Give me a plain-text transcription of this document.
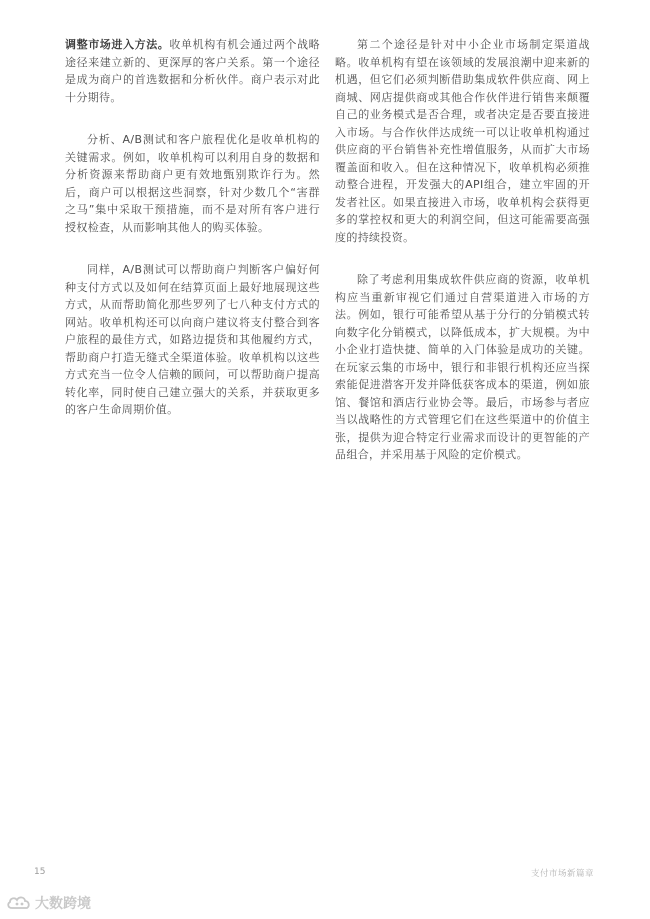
调整市场进入方法。收单机构有机会通过两个战略途径来建立新的、更深厚的客户关系。第一个途径是成为商户的首选数据和分析伙伴。商户表示对此十分期待。

分析、A/B测试和客户旅程优化是收单机构的关键需求。例如，收单机构可以利用自身的数据和分析资源来帮助商户更有效地甄别欺诈行为。然后，商户可以根据这些洞察，针对少数几个“害群之马”集中采取干预措施，而不是对所有客户进行授权检查，从而影响其他人的购买体验。

同样，A/B测试可以帮助商户判断客户偏好何种支付方式以及如何在结算页面上最好地展现这些方式，从而帮助简化那些罗列了七八种支付方式的网站。收单机构还可以向商户建议将支付整合到客户旅程的最佳方式，如路边提货和其他履约方式，帮助商户打造无缝式全渠道体验。收单机构以这些方式充当一位令人信赖的顾问，可以帮助商户提高转化率，同时使自己建立强大的关系，并获取更多的客户生命周期价值。

第二个途径是针对中小企业市场制定渠道战略。收单机构有望在该领域的发展浪潮中迎来新的机遇，但它们必须判断借助集成软件供应商、网上商城、网店提供商或其他合作伙伴进行销售来颠覆自己的业务模式是否合理，或者决定是否要直接进入市场。与合作伙伴达成统一可以让收单机构通过供应商的平台销售补充性增值服务，从而扩大市场覆盖面和收入。但在这种情况下，收单机构必须推动整合进程，开发强大的API组合，建立牢固的开发者社区。如果直接进入市场，收单机构会获得更多的掌控权和更大的利润空间，但这可能需要高强度的持续投资。

除了考虑利用集成软件供应商的资源，收单机构应当重新审视它们通过自营渠道进入市场的方法。例如，银行可能希望从基于分行的分销模式转向数字化分销模式，以降低成本，扩大规模。为中小企业打造快捷、简单的入门体验是成功的关键。在玩家云集的市场中，银行和非银行机构还应当探索能促进潜客开发并降低获客成本的渠道，例如旅馆、餐馆和酒店行业协会等。最后，市场参与者应当以战略性的方式管理它们在这些渠道中的价值主张，提供为迎合特定行业需求而设计的更智能的产品组合，并采用基于风险的定价模式。

15	支付市场新篇章
大数跨境
